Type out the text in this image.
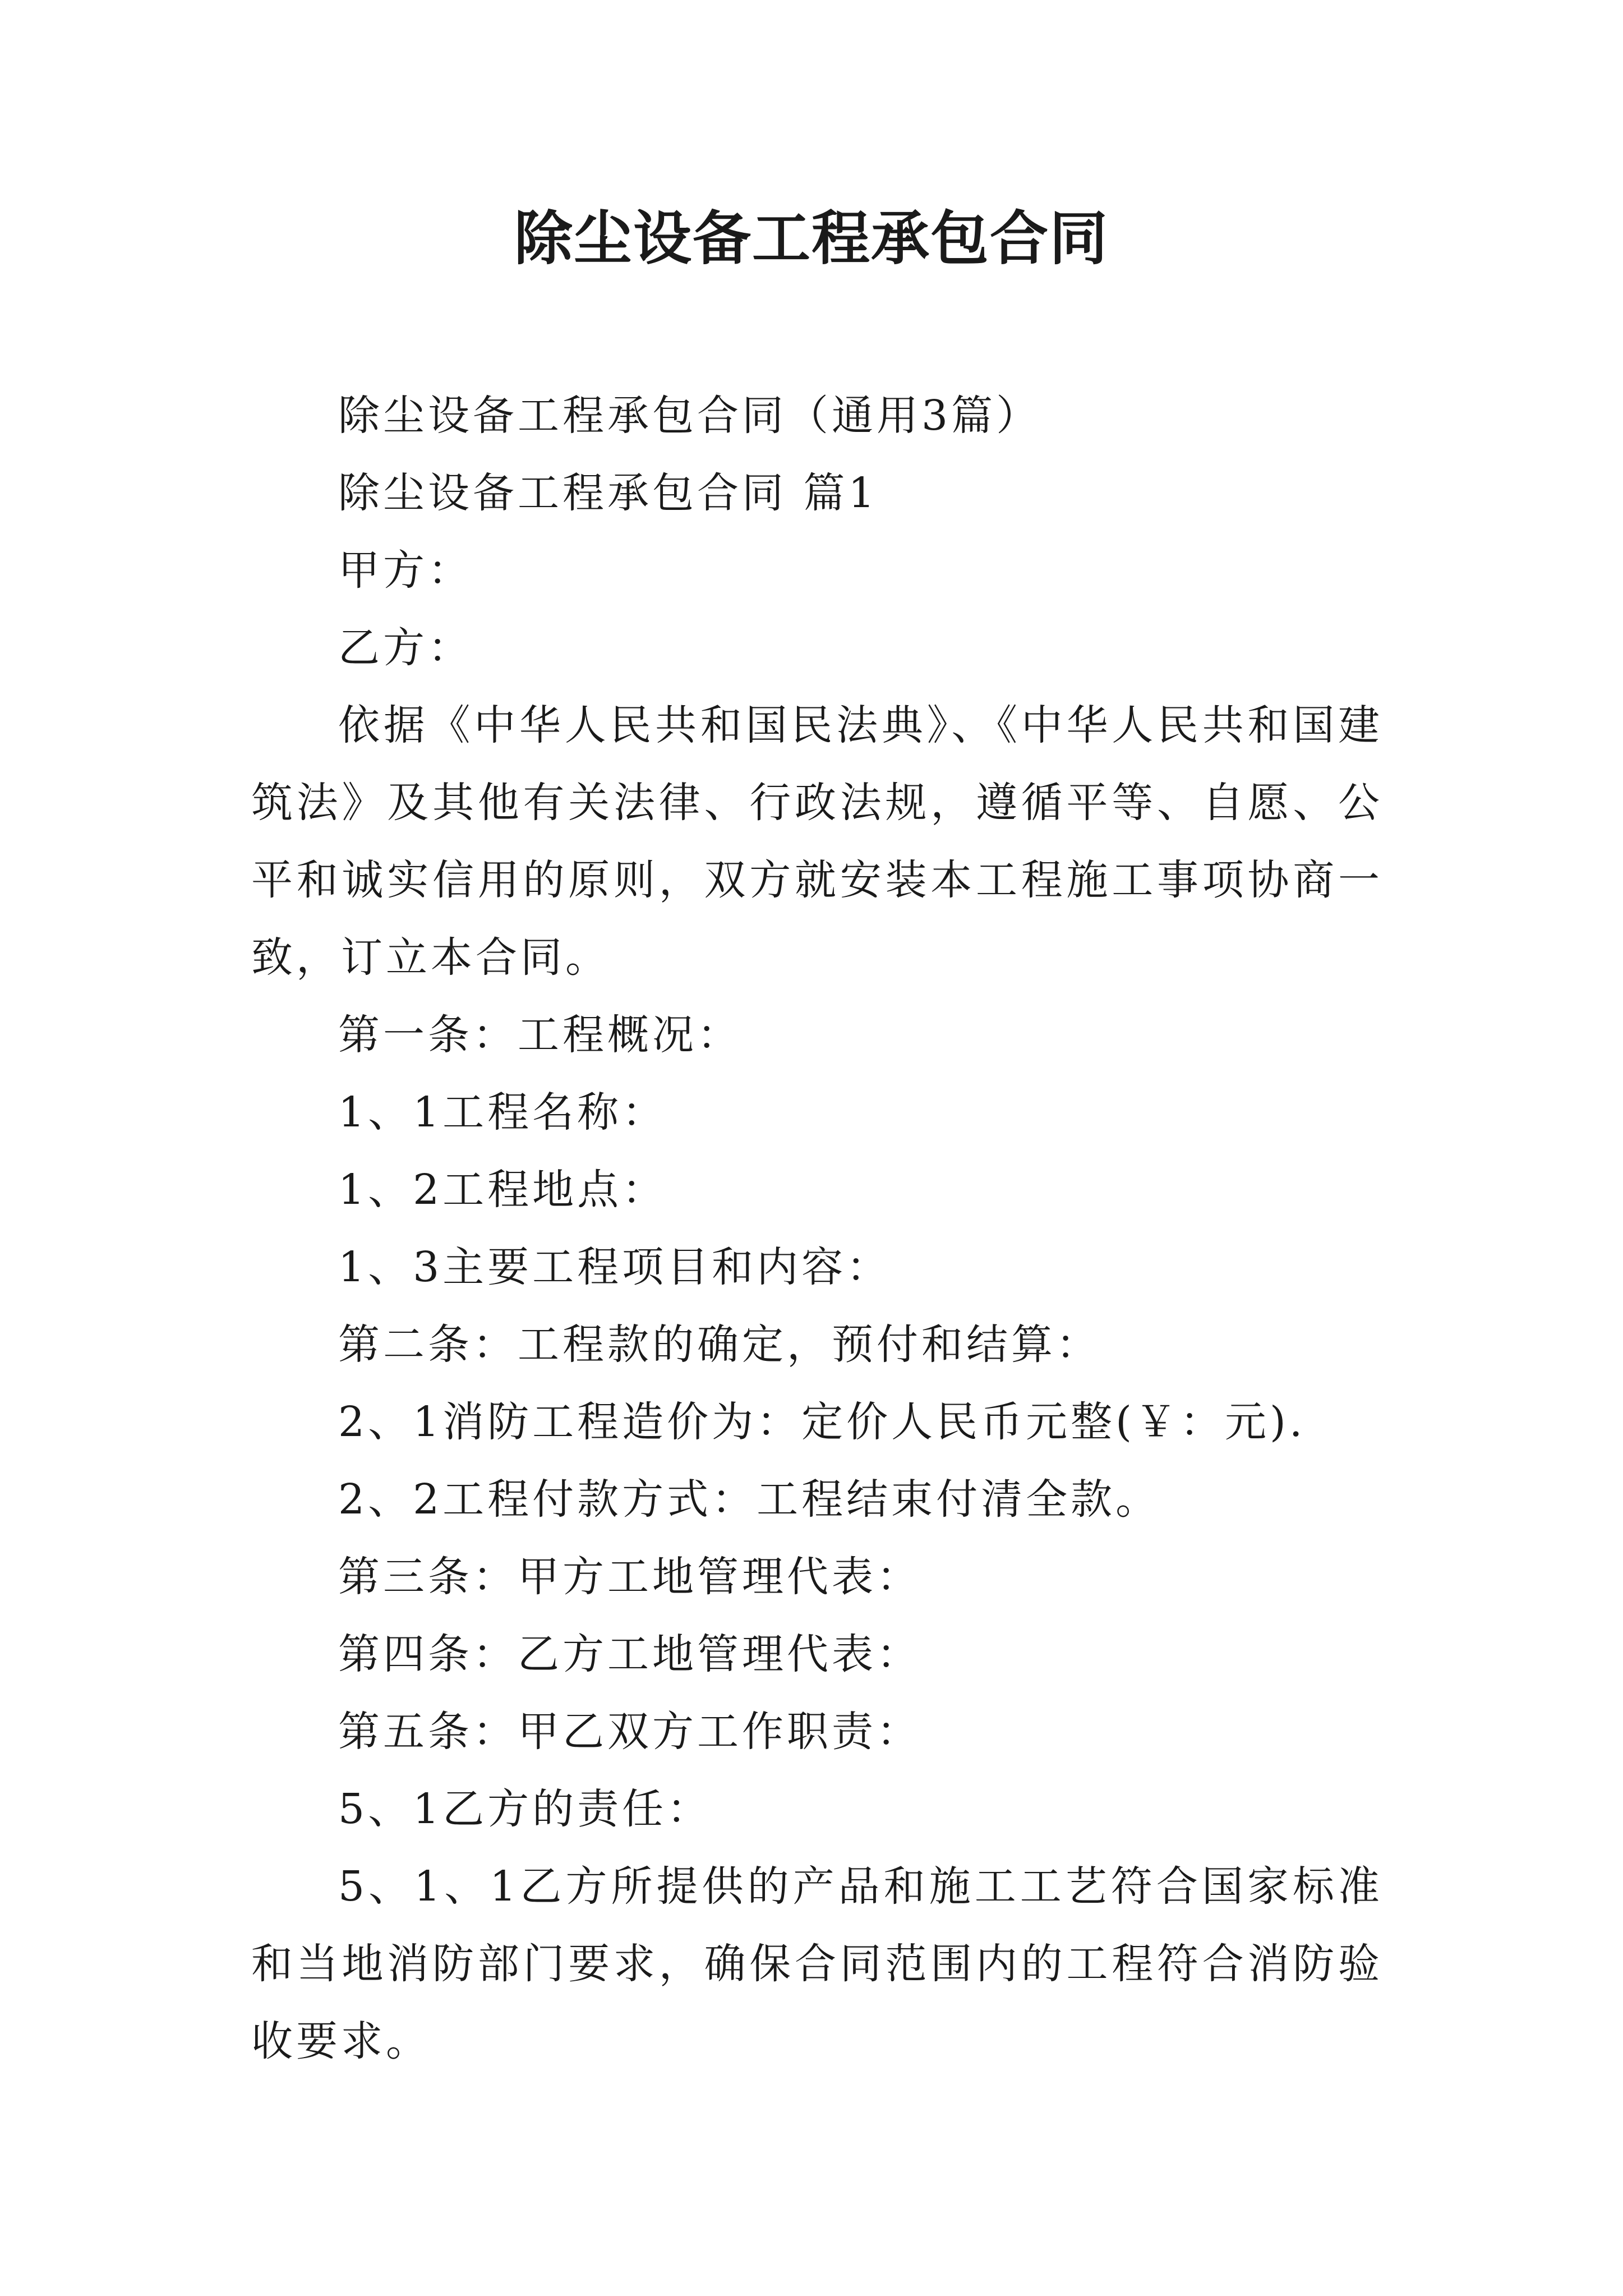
除尘设备工程承包合同

除尘设备工程承包合同（通用3篇）

除尘设备工程承包合同 篇1

甲方：

乙方：

依据《中华人民共和国民法典》、《中华人民共和国建筑法》及其他有关法律、行政法规，遵循平等、自愿、公平和诚实信用的原则，双方就安装本工程施工事项协商一致，订立本合同。

第一条：工程概况：

1、1工程名称：

1、2工程地点：

1、3主要工程项目和内容：

第二条：工程款的确定，预付和结算：

2、1消防工程造价为：定价人民币元整(￥：元).

2、2工程付款方式：工程结束付清全款。

第三条：甲方工地管理代表：

第四条：乙方工地管理代表：

第五条：甲乙双方工作职责：

5、1乙方的责任：

5、1、1乙方所提供的产品和施工工艺符合国家标准和当地消防部门要求，确保合同范围内的工程符合消防验收要求。
